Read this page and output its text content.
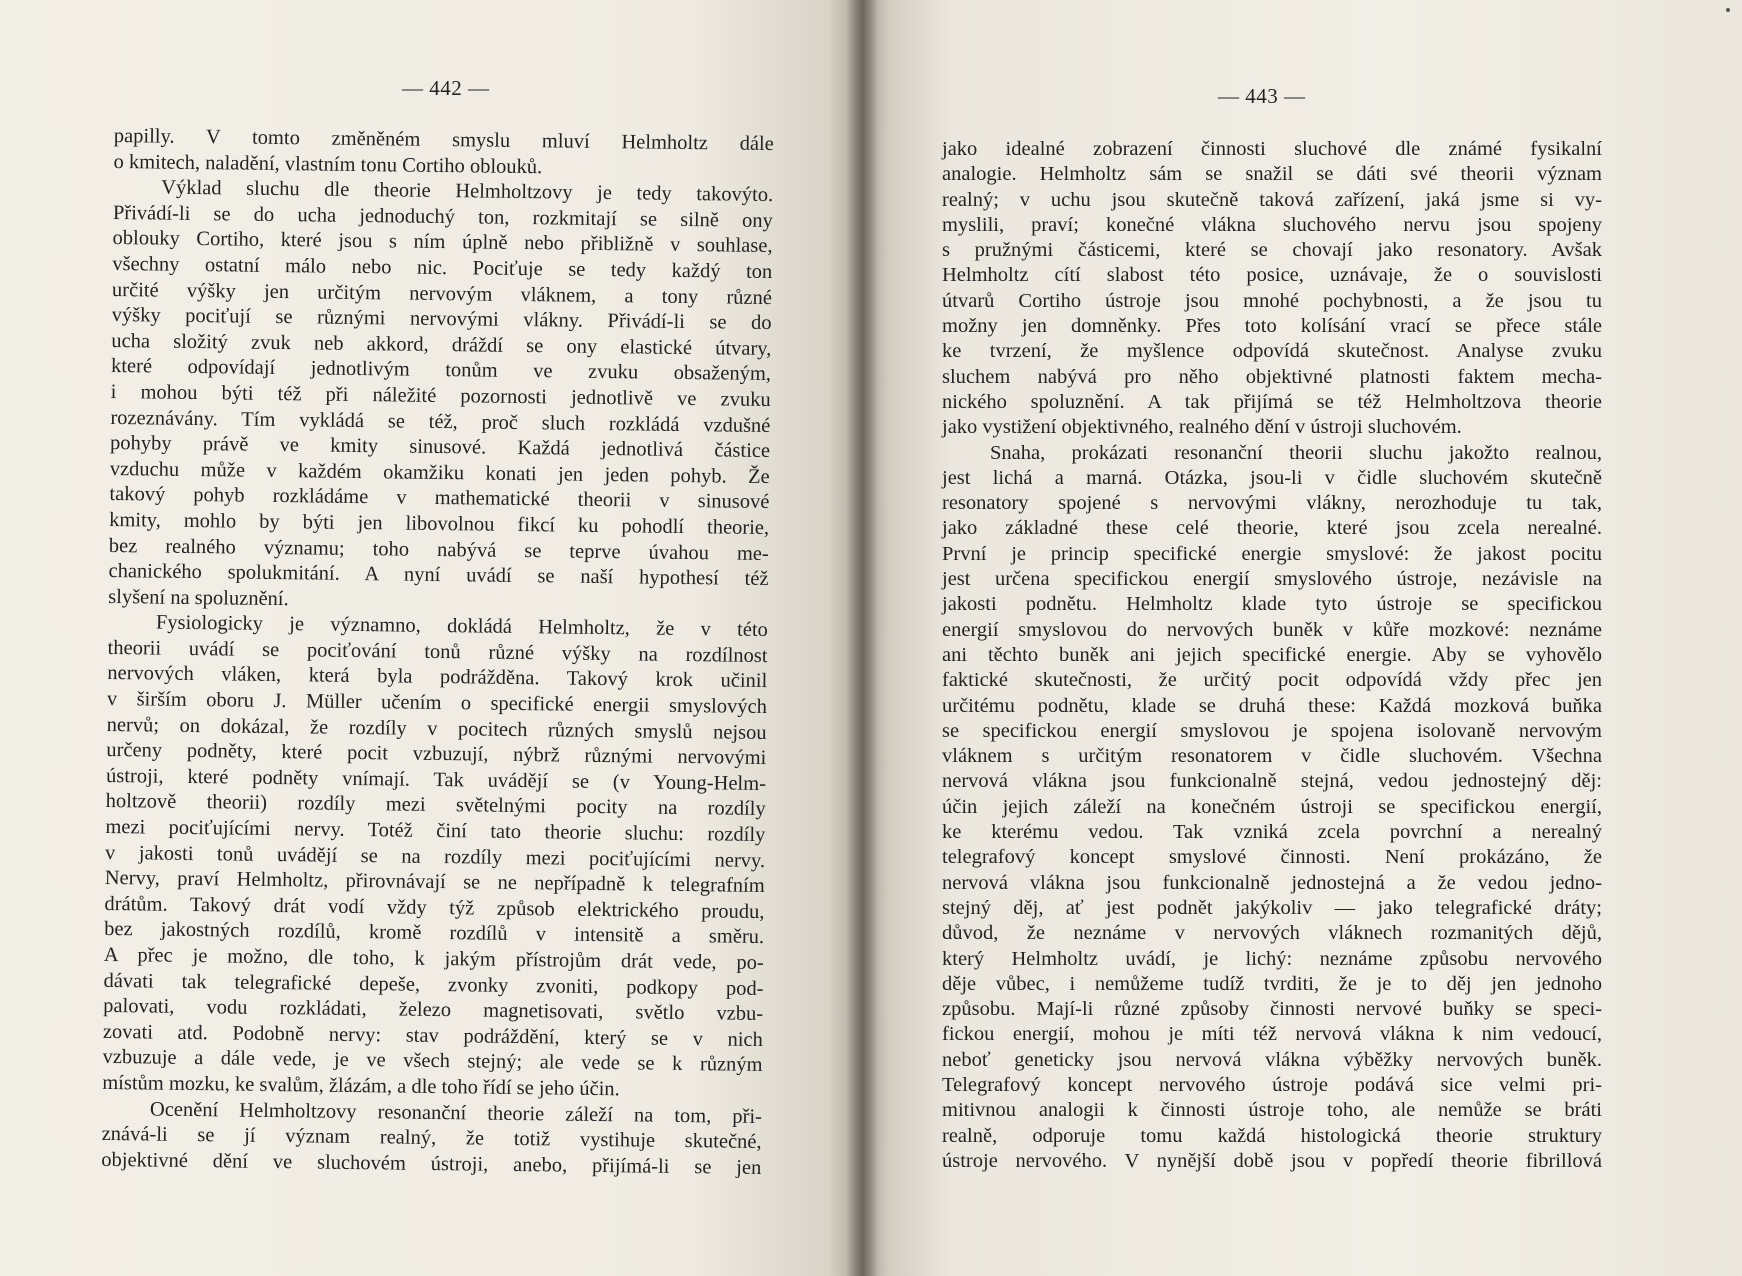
— 442 —
papilly. V tomto změněném smyslu mluví Helmholtz dále
o kmitech, naladění, vlastním tonu Cortiho oblouků.
Výklad sluchu dle theorie Helmholtzovy je tedy takovýto.
Přivádí-li se do ucha jednoduchý ton, rozkmitají se silně ony
oblouky Cortiho, které jsou s ním úplně nebo přibližně v souhlase,
všechny ostatní málo nebo nic. Pociťuje se tedy každý ton
určité výšky jen určitým nervovým vláknem, a tony různé
výšky pociťují se různými nervovými vlákny. Přivádí-li se do
ucha složitý zvuk neb akkord, dráždí se ony elastické útvary,
které odpovídají jednotlivým tonům ve zvuku obsaženým,
i mohou býti též při náležité pozornosti jednotlivě ve zvuku
rozeznávány. Tím vykládá se též, proč sluch rozkládá vzdušné
pohyby právě ve kmity sinusové. Každá jednotlivá částice
vzduchu může v každém okamžiku konati jen jeden pohyb. Že
takový pohyb rozkládáme v mathematické theorii v sinusové
kmity, mohlo by býti jen libovolnou fikcí ku pohodlí theorie,
bez realného významu; toho nabývá se teprve úvahou me-
chanického spolukmitání. A nyní uvádí se naší hypothesí též
slyšení na spoluznění.
Fysiologicky je významno, dokládá Helmholtz, že v této
theorii uvádí se pociťování tonů různé výšky na rozdílnost
nervových vláken, která byla podrážděna. Takový krok učinil
v širším oboru J. Müller učením o specifické energii smyslových
nervů; on dokázal, že rozdíly v pocitech různých smyslů nejsou
určeny podněty, které pocit vzbuzují, nýbrž různými nervovými
ústroji, které podněty vnímají. Tak uvádějí se (v Young-Helm-
holtzově theorii) rozdíly mezi světelnými pocity na rozdíly
mezi pociťujícími nervy. Totéž činí tato theorie sluchu: rozdíly
v jakosti tonů uvádějí se na rozdíly mezi pociťujícími nervy.
Nervy, praví Helmholtz, přirovnávají se ne nepřípadně k telegrafním
drátům. Takový drát vodí vždy týž způsob elektrického proudu,
bez jakostných rozdílů, kromě rozdílů v intensitě a směru.
A přec je možno, dle toho, k jakým přístrojům drát vede, po-
dávati tak telegrafické depeše, zvonky zvoniti, podkopy pod-
palovati, vodu rozkládati, železo magnetisovati, světlo vzbu-
zovati atd. Podobně nervy: stav podráždění, který se v nich
vzbuzuje a dále vede, je ve všech stejný; ale vede se k různým
místům mozku, ke svalům, žlázám, a dle toho řídí se jeho účin.
Ocenění Helmholtzovy resonanční theorie záleží na tom, při-
znává-li se jí význam realný, že totiž vystihuje skutečné,
objektivné dění ve sluchovém ústroji, anebo, přijímá-li se jen
— 443 —
jako idealné zobrazení činnosti sluchové dle známé fysikalní
analogie. Helmholtz sám se snažil se dáti své theorii význam
realný; v uchu jsou skutečně taková zařízení, jaká jsme si vy-
myslili, praví; konečné vlákna sluchového nervu jsou spojeny
s pružnými částicemi, které se chovají jako resonatory. Avšak
Helmholtz cítí slabost této posice, uznávaje, že o souvislosti
útvarů Cortiho ústroje jsou mnohé pochybnosti, a že jsou tu
možny jen domněnky. Přes toto kolísání vrací se přece stále
ke tvrzení, že myšlence odpovídá skutečnost. Analyse zvuku
sluchem nabývá pro něho objektivné platnosti faktem mecha-
nického spoluznění. A tak přijímá se též Helmholtzova theorie
jako vystižení objektivného, realného dění v ústroji sluchovém.
Snaha, prokázati resonanční theorii sluchu jakožto realnou,
jest lichá a marná. Otázka, jsou-li v čidle sluchovém skutečně
resonatory spojené s nervovými vlákny, nerozhoduje tu tak,
jako základné these celé theorie, které jsou zcela nerealné.
První je princip specifické energie smyslové: že jakost pocitu
jest určena specifickou energií smyslového ústroje, nezávisle na
jakosti podnětu. Helmholtz klade tyto ústroje se specifickou
energií smyslovou do nervových buněk v kůře mozkové: neznáme
ani těchto buněk ani jejich specifické energie. Aby se vyhovělo
faktické skutečnosti, že určitý pocit odpovídá vždy přec jen
určitému podnětu, klade se druhá these: Každá mozková buňka
se specifickou energií smyslovou je spojena isolovaně nervovým
vláknem s určitým resonatorem v čidle sluchovém. Všechna
nervová vlákna jsou funkcionalně stejná, vedou jednostejný děj:
účin jejich záleží na konečném ústroji se specifickou energií,
ke kterému vedou. Tak vzniká zcela povrchní a nerealný
telegrafový koncept smyslové činnosti. Není prokázáno, že
nervová vlákna jsou funkcionalně jednostejná a že vedou jedno-
stejný děj, ať jest podnět jakýkoliv — jako telegrafické dráty;
důvod, že neznáme v nervových vláknech rozmanitých dějů,
který Helmholtz uvádí, je lichý: neznáme způsobu nervového
děje vůbec, i nemůžeme tudíž tvrditi, že je to děj jen jednoho
způsobu. Mají-li různé způsoby činnosti nervové buňky se speci-
fickou energií, mohou je míti též nervová vlákna k nim vedoucí,
neboť geneticky jsou nervová vlákna výběžky nervových buněk.
Telegrafový koncept nervového ústroje podává sice velmi pri-
mitivnou analogii k činnosti ústroje toho, ale nemůže se bráti
realně, odporuje tomu každá histologická theorie struktury
ústroje nervového. V nynější době jsou v popředí theorie fibrillová
